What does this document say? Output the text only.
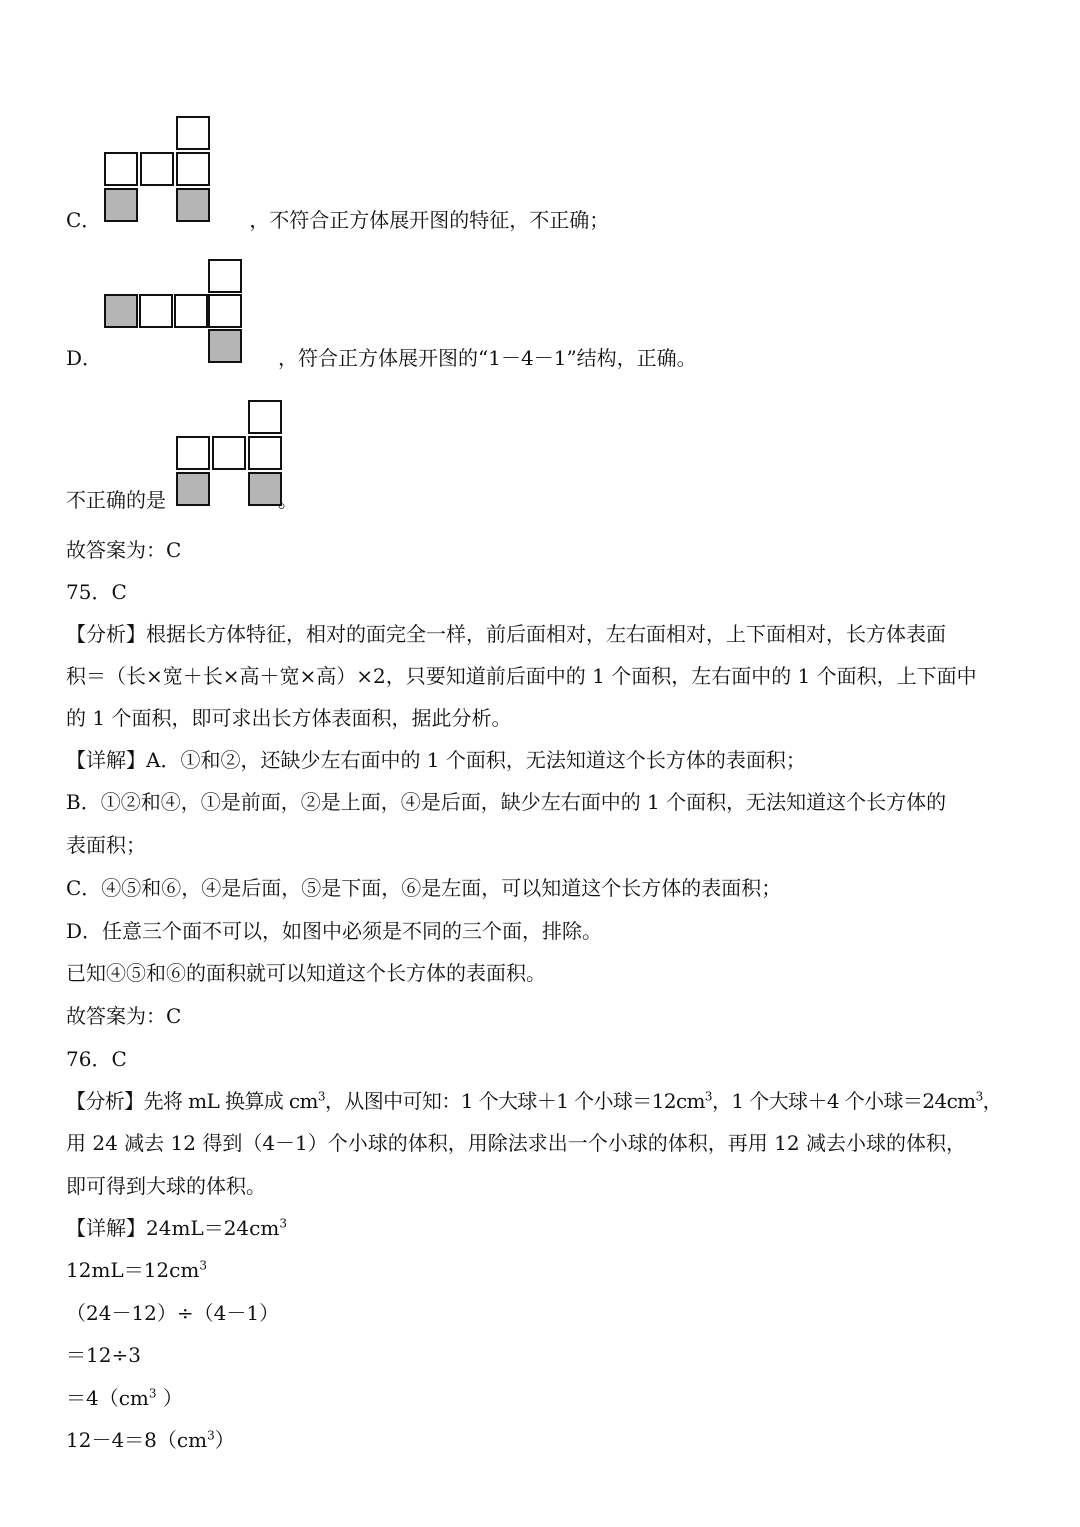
C．	，不符合正方体展开图的特征，不正确；
D．	，符合正方体展开图的“1－4－1”结构，正确。
不正确的是	。
故答案为：C
75．C
【分析】根据长方体特征，相对的面完全一样，前后面相对，左右面相对，上下面相对，长方体表面
积＝（长×宽＋长×高＋宽×高）×2，只要知道前后面中的 1 个面积，左右面中的 1 个面积，上下面中
的 1 个面积，即可求出长方体表面积，据此分析。
【详解】A．①和②，还缺少左右面中的 1 个面积，无法知道这个长方体的表面积；
B．①②和④，①是前面，②是上面，④是后面，缺少左右面中的 1 个面积，无法知道这个长方体的
表面积；
C．④⑤和⑥，④是后面，⑤是下面，⑥是左面，可以知道这个长方体的表面积；
D．任意三个面不可以，如图中必须是不同的三个面，排除。
已知④⑤和⑥的面积就可以知道这个长方体的表面积。
故答案为：C
76．C
【分析】先将 mL 换算成 $cm^3$，从图中可知：1 个大球＋1 个小球$=12cm^3$，1 个大球＋4 个小球$=24cm^3$，
用 24 减去 12 得到（4－1）个小球的体积，用除法求出一个小球的体积，再用 12 减去小球的体积，
即可得到大球的体积。
【详解】$24mL=24cm^3$
$12mL=12cm^3$
（24－12）÷（4－1）
＝12÷3
$=4(cm^3$ ）
$12-4=8(cm^3)$
